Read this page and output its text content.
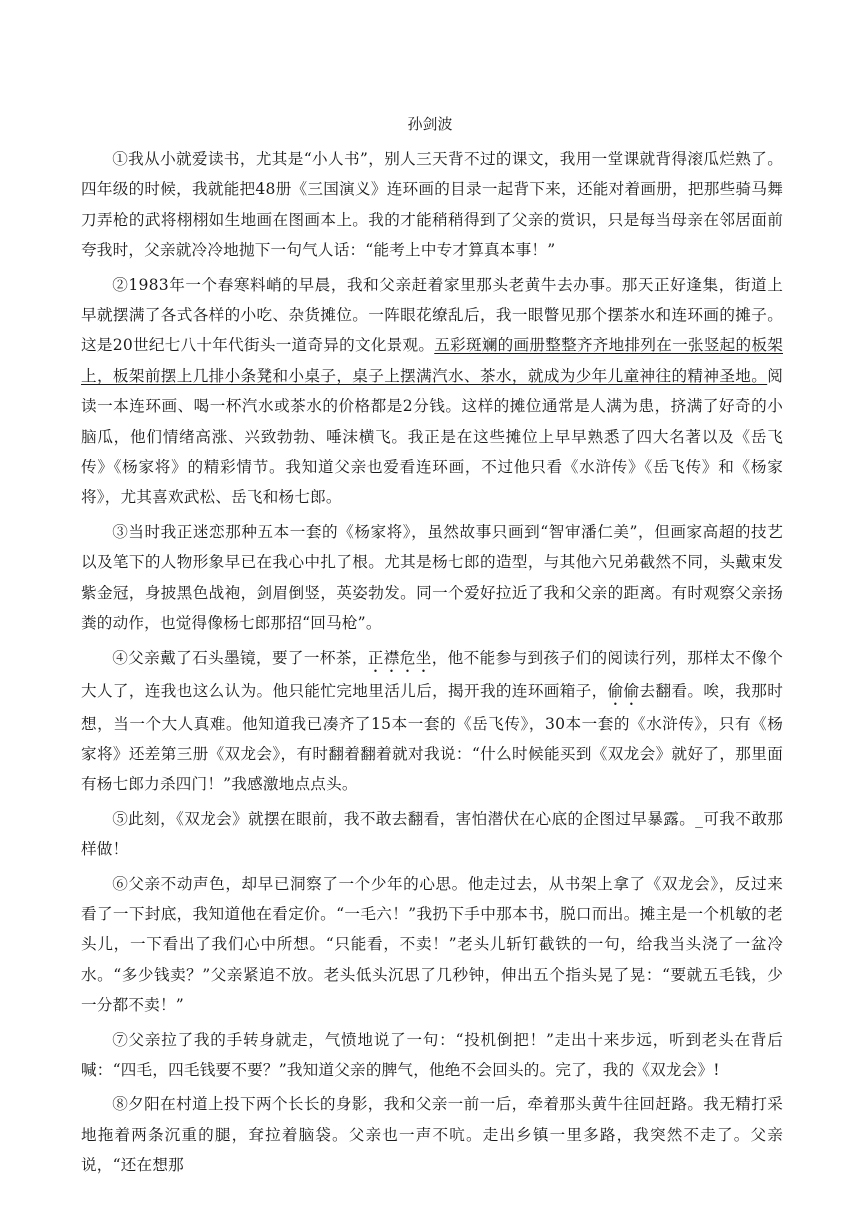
孙剑波

①我从小就爱读书，尤其是“小人书”，别人三天背不过的课文，我用一堂课就背得滚瓜烂熟了。四年级的时候，我就能把48册《三国演义》连环画的目录一起背下来，还能对着画册，把那些骑马舞刀弄枪的武将栩栩如生地画在图画本上。我的才能稍稍得到了父亲的赏识，只是每当母亲在邻居面前夸我时，父亲就冷冷地抛下一句气人话：“能考上中专才算真本事！”

②1983年一个春寒料峭的早晨，我和父亲赶着家里那头老黄牛去办事。那天正好逢集，街道上早就摆满了各式各样的小吃、杂货摊位。一阵眼花缭乱后，我一眼瞥见那个摆茶水和连环画的摊子。这是20世纪七八十年代街头一道奇异的文化景观。五彩斑斓的画册整整齐齐地排列在一张竖起的板架上，板架前摆上几排小条凳和小桌子，桌子上摆满汽水、茶水，就成为少年儿童神往的精神圣地。阅读一本连环画、喝一杯汽水或茶水的价格都是2分钱。这样的摊位通常是人满为患，挤满了好奇的小脑瓜，他们情绪高涨、兴致勃勃、唾沫横飞。我正是在这些摊位上早早熟悉了四大名著以及《岳飞传》《杨家将》的精彩情节。我知道父亲也爱看连环画，不过他只看《水浒传》《岳飞传》和《杨家将》，尤其喜欢武松、岳飞和杨七郎。

③当时我正迷恋那种五本一套的《杨家将》，虽然故事只画到“智审潘仁美”，但画家高超的技艺以及笔下的人物形象早已在我心中扎了根。尤其是杨七郎的造型，与其他六兄弟截然不同，头戴束发紫金冠，身披黑色战袍，剑眉倒竖，英姿勃发。同一个爱好拉近了我和父亲的距离。有时观察父亲扬粪的动作，也觉得像杨七郎那招“回马枪”。

④父亲戴了石头墨镜，要了一杯茶，正襟危坐，他不能参与到孩子们的阅读行列，那样太不像个大人了，连我也这么认为。他只能忙完地里活儿后，揭开我的连环画箱子，偷偷去翻看。唉，我那时想，当一个大人真难。他知道我已凑齐了15本一套的《岳飞传》，30本一套的《水浒传》，只有《杨家将》还差第三册《双龙会》，有时翻着翻着就对我说：“什么时候能买到《双龙会》就好了，那里面有杨七郎力杀四门！”我感激地点点头。

⑤此刻，《双龙会》就摆在眼前，我不敢去翻看，害怕潜伏在心底的企图过早暴露。_可我不敢那样做！

⑥父亲不动声色，却早已洞察了一个少年的心思。他走过去，从书架上拿了《双龙会》，反过来看了一下封底，我知道他在看定价。“一毛六！”我扔下手中那本书，脱口而出。摊主是一个机敏的老头儿，一下看出了我们心中所想。“只能看，不卖！”老头儿斩钉截铁的一句，给我当头浇了一盆冷水。“多少钱卖？”父亲紧追不放。老头低头沉思了几秒钟，伸出五个指头晃了晃：“要就五毛钱，少一分都不卖！”

⑦父亲拉了我的手转身就走，气愤地说了一句：“投机倒把！”走出十来步远，听到老头在背后喊：“四毛，四毛钱要不要？”我知道父亲的脾气，他绝不会回头的。完了，我的《双龙会》!

⑧夕阳在村道上投下两个长长的身影，我和父亲一前一后，牵着那头黄牛往回赶路。我无精打采地拖着两条沉重的腿，耷拉着脑袋。父亲也一声不吭。走出乡镇一里多路，我突然不走了。父亲说，“还在想那
